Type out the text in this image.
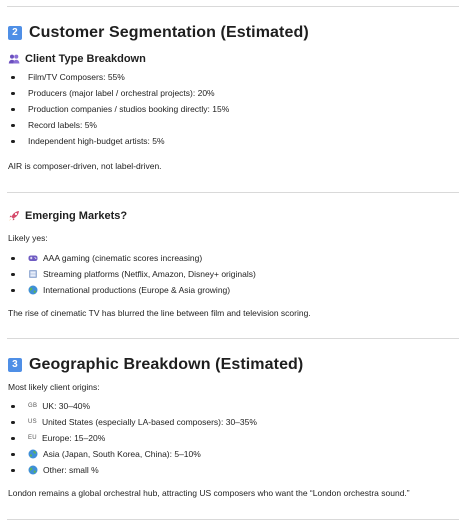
2 Customer Segmentation (Estimated)
Client Type Breakdown
Film/TV Composers: 55%
Producers (major label / orchestral projects): 20%
Production companies / studios booking directly: 15%
Record labels: 5%
Independent high-budget artists: 5%
AIR is composer-driven, not label-driven.
Emerging Markets?
Likely yes:
AAA gaming (cinematic scores increasing)
Streaming platforms (Netflix, Amazon, Disney+ originals)
International productions (Europe & Asia growing)
The rise of cinematic TV has blurred the line between film and television scoring.
3 Geographic Breakdown (Estimated)
Most likely client origins:
GB UK: 30–40%
US United States (especially LA-based composers): 30–35%
EU Europe: 15–20%
Asia (Japan, South Korea, China): 5–10%
Other: small %
London remains a global orchestral hub, attracting US composers who want the “London orchestra sound.”
